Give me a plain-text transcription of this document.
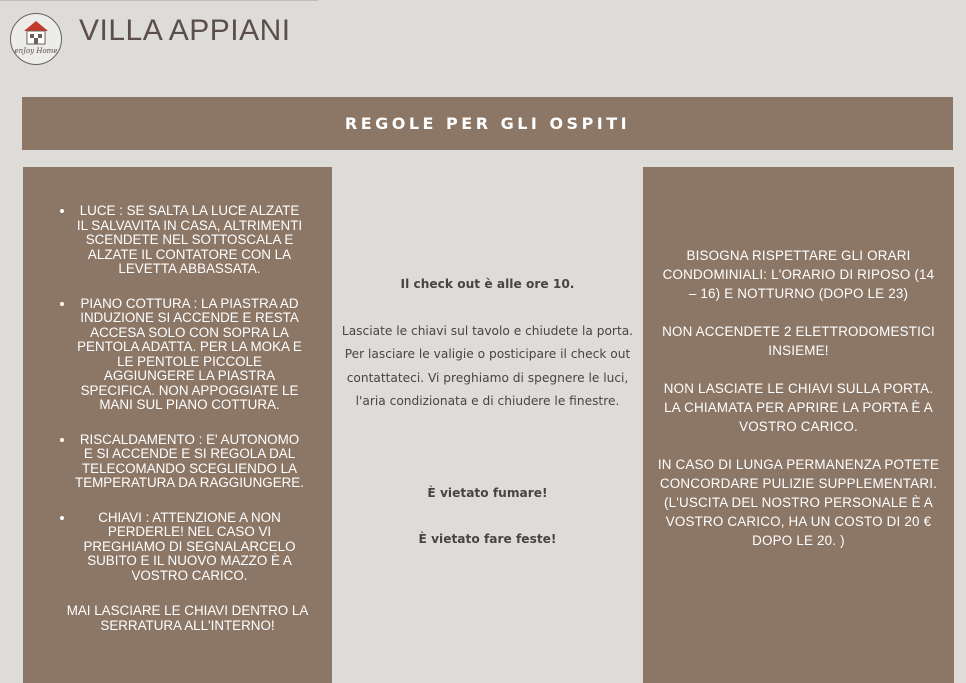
enJoy Home
VILLA APPIANI
REGOLE PER GLI OSPITI
• LUCE : SE SALTA LA LUCE ALZATE IL SALVAVITA IN CASA, ALTRIMENTI SCENDETE NEL SOTTOSCALA E ALZATE IL CONTATORE CON LA LEVETTA ABBASSATA.
• PIANO COTTURA : LA PIASTRA AD INDUZIONE SI ACCENDE E RESTA ACCESA SOLO CON SOPRA LA PENTOLA ADATTA. PER LA MOKA E LE PENTOLE PICCOLE AGGIUNGERE LA PIASTRA SPECIFICA. NON APPOGGIATE LE MANI SUL PIANO COTTURA.
• RISCALDAMENTO : E' AUTONOMO E SI ACCENDE E SI REGOLA DAL TELECOMANDO SCEGLIENDO LA TEMPERATURA DA RAGGIUNGERE.
• CHIAVI : ATTENZIONE A NON PERDERLE! NEL CASO VI PREGHIAMO DI SEGNALARCELO SUBITO E IL NUOVO MAZZO È A VOSTRO CARICO.

MAI LASCIARE LE CHIAVI DENTRO LA SERRATURA ALL'INTERNO!

Il check out è alle ore 10.

Lasciate le chiavi sul tavolo e chiudete la porta. Per lasciare le valigie o posticipare il check out contattateci. Vi preghiamo di spegnere le luci, l'aria condizionata e di chiudere le finestre.

È vietato fumare!
È vietato fare feste!

BISOGNA RISPETTARE GLI ORARI CONDOMINIALI: L'ORARIO DI RIPOSO (14 – 16) E NOTTURNO (DOPO LE 23)

NON ACCENDETE 2 ELETTRODOMESTICI INSIEME!

NON LASCIATE LE CHIAVI SULLA PORTA.

LA CHIAMATA PER APRIRE LA PORTA È A VOSTRO CARICO.

IN CASO DI LUNGA PERMANENZA POTETE CONCORDARE PULIZIE SUPPLEMENTARI.

(L'USCITA DEL NOSTRO PERSONALE È A VOSTRO CARICO, HA UN COSTO DI 20 € DOPO LE 20. )
